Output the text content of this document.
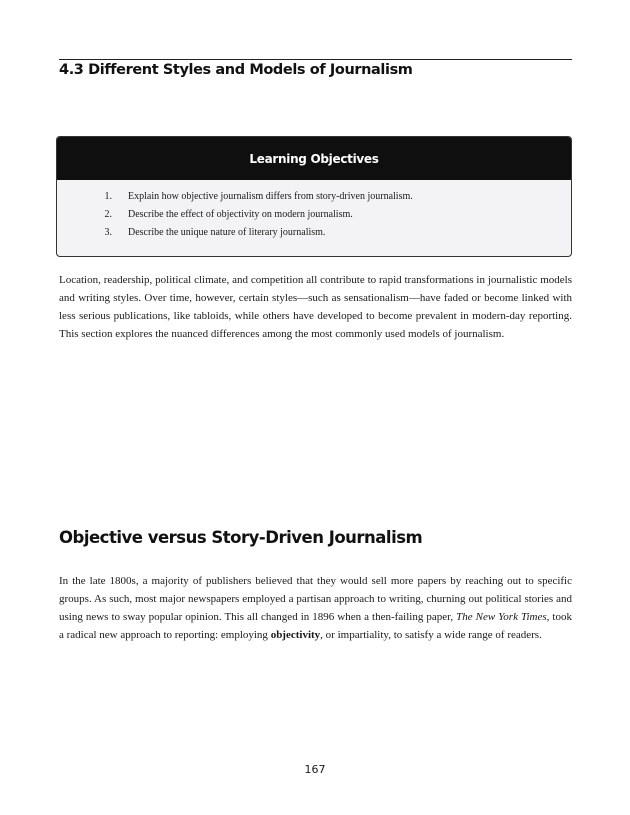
4.3 Different Styles and Models of Journalism
Learning Objectives
1. Explain how objective journalism differs from story-driven journalism.
2. Describe the effect of objectivity on modern journalism.
3. Describe the unique nature of literary journalism.

Location, readership, political climate, and competition all contribute to rapid transformations in journalistic models and writing styles. Over time, however, certain styles—such as sensationalism—have faded or become linked with less serious publications, like tabloids, while others have developed to become prevalent in modern-day reporting. This section explores the nuanced differences among the most commonly used models of journalism.

Objective versus Story-Driven Journalism

In the late 1800s, a majority of publishers believed that they would sell more papers by reaching out to specific groups. As such, most major newspapers employed a partisan approach to writing, churning out political stories and using news to sway popular opinion. This all changed in 1896 when a then-failing paper, The New York Times, took a radical new approach to reporting: employing objectivity, or impartiality, to satisfy a wide range of readers.

167
